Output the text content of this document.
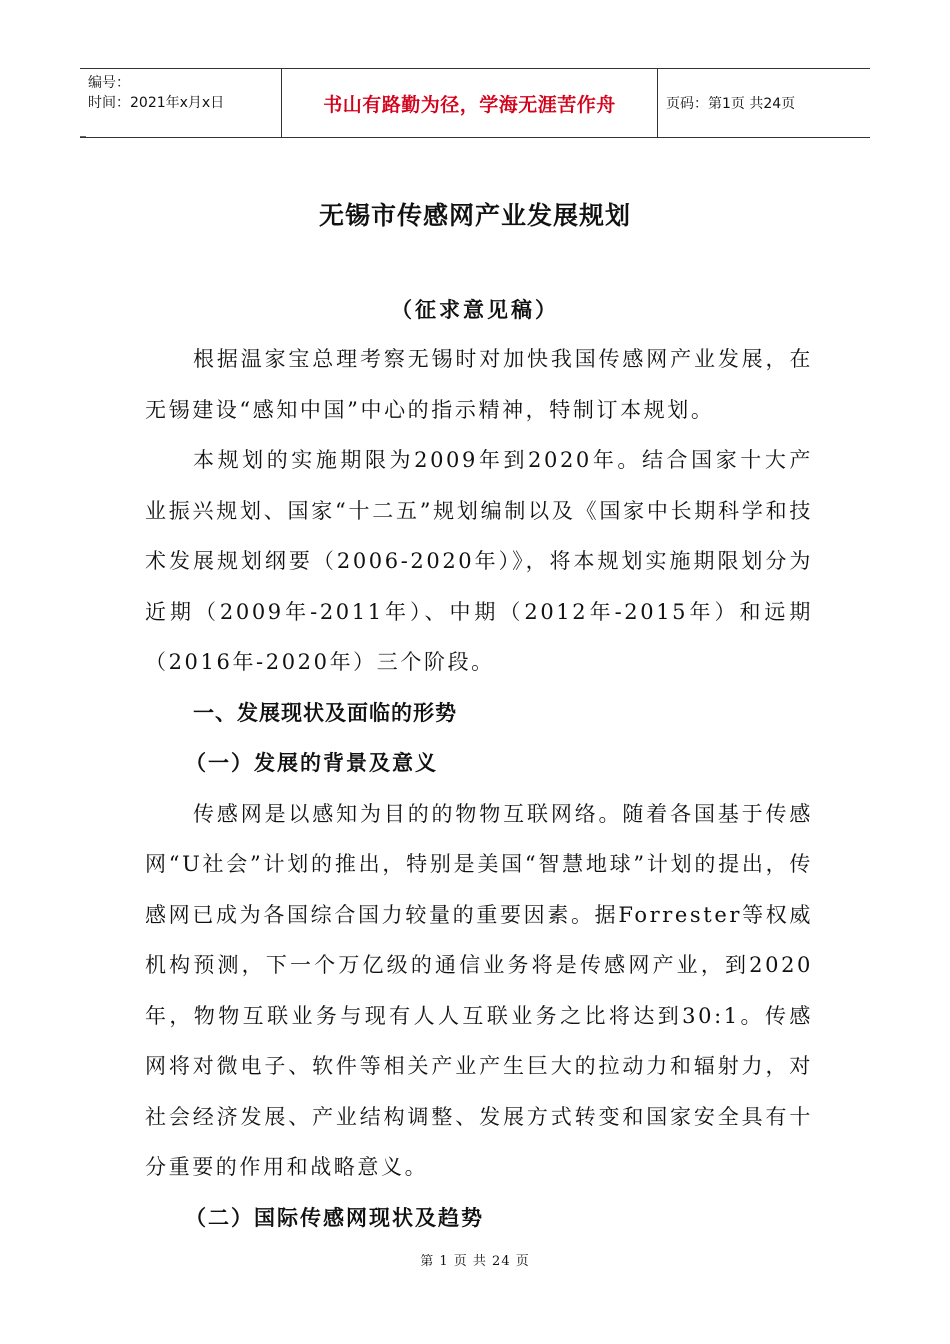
编号：
时间：2021年x月x日	书山有路勤为径，学海无涯苦作舟	页码：第1页 共24页
无锡市传感网产业发展规划
（征求意见稿）

根据温家宝总理考察无锡时对加快我国传感网产业发展，在无锡建设“感知中国”中心的指示精神，特制订本规划。

本规划的实施期限为2009年到2020年。结合国家十大产业振兴规划、国家“十二五”规划编制以及《国家中长期科学和技术发展规划纲要（2006-2020年）》，将本规划实施期限划分为近期（2009年-2011年）、中期（2012年-2015年）和远期（2016年-2020年）三个阶段。

一、发展现状及面临的形势

（一）发展的背景及意义

传感网是以感知为目的的物物互联网络。随着各国基于传感网“U社会”计划的推出，特别是美国“智慧地球”计划的提出，传感网已成为各国综合国力较量的重要因素。据Forrester等权威机构预测，下一个万亿级的通信业务将是传感网产业，到2020年，物物互联业务与现有人人互联业务之比将达到30:1。传感网将对微电子、软件等相关产业产生巨大的拉动力和辐射力，对社会经济发展、产业结构调整、发展方式转变和国家安全具有十分重要的作用和战略意义。

（二）国际传感网现状及趋势

第 1 页 共 24 页
